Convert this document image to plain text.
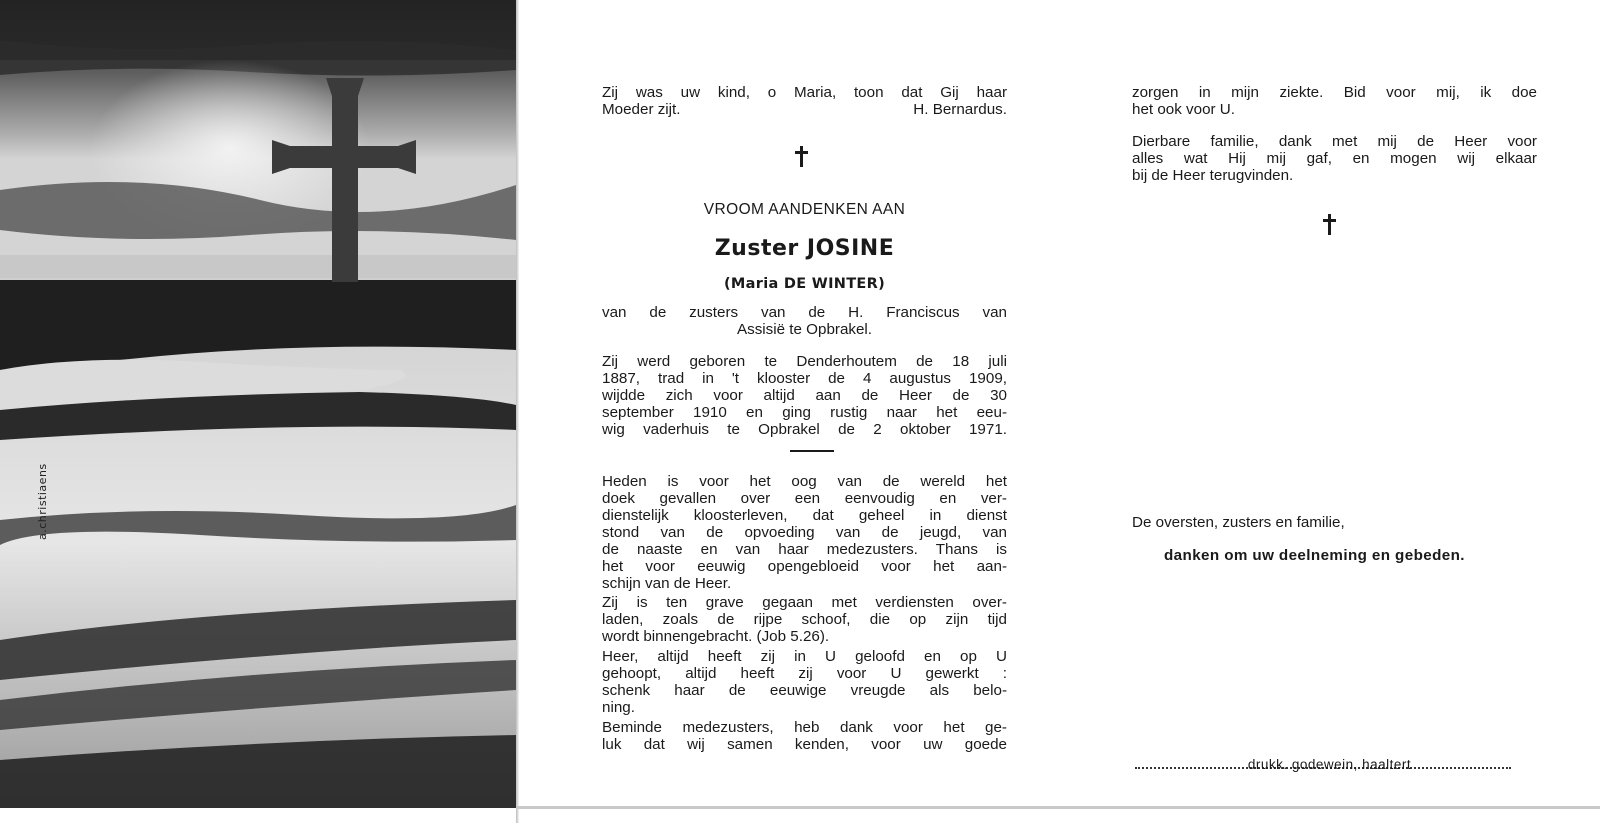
a.christiaens

Zij was uw kind, o Maria, toon dat Gij haar

Moeder zijt.	H. Bernardus.
VROOM AANDENKEN AAN
Zuster JOSINE
(Maria DE WINTER)

van de zusters van de H. Franciscus van

Assisië te Opbrakel.

Zij werd geboren te Denderhoutem de 18 juli

1887, trad in 't klooster de 4 augustus 1909,

wijdde zich voor altijd aan de Heer de 30

september 1910 en ging rustig naar het eeu-

wig vaderhuis te Opbrakel de 2 oktober 1971.

Heden is voor het oog van de wereld het

doek gevallen over een eenvoudig en ver-

dienstelijk kloosterleven, dat geheel in dienst

stond van de opvoeding van de jeugd, van

de naaste en van haar medezusters. Thans is

het voor eeuwig opengebloeid voor het aan-

schijn van de Heer.

Zij is ten grave gegaan met verdiensten over-

laden, zoals de rijpe schoof, die op zijn tijd

wordt binnengebracht. (Job 5.26).

Heer, altijd heeft zij in U geloofd en op U

gehoopt, altijd heeft zij voor U gewerkt :

schenk haar de eeuwige vreugde als belo-

ning.

Beminde medezusters, heb dank voor het ge-

luk dat wij samen kenden, voor uw goede

zorgen in mijn ziekte. Bid voor mij, ik doe

het ook voor U.

Dierbare familie, dank met mij de Heer voor

alles wat Hij mij gaf, en mogen wij elkaar

bij de Heer terugvinden.

De oversten, zusters en familie,
danken om uw deelneming en gebeden.
drukk. godewein, haaltert
